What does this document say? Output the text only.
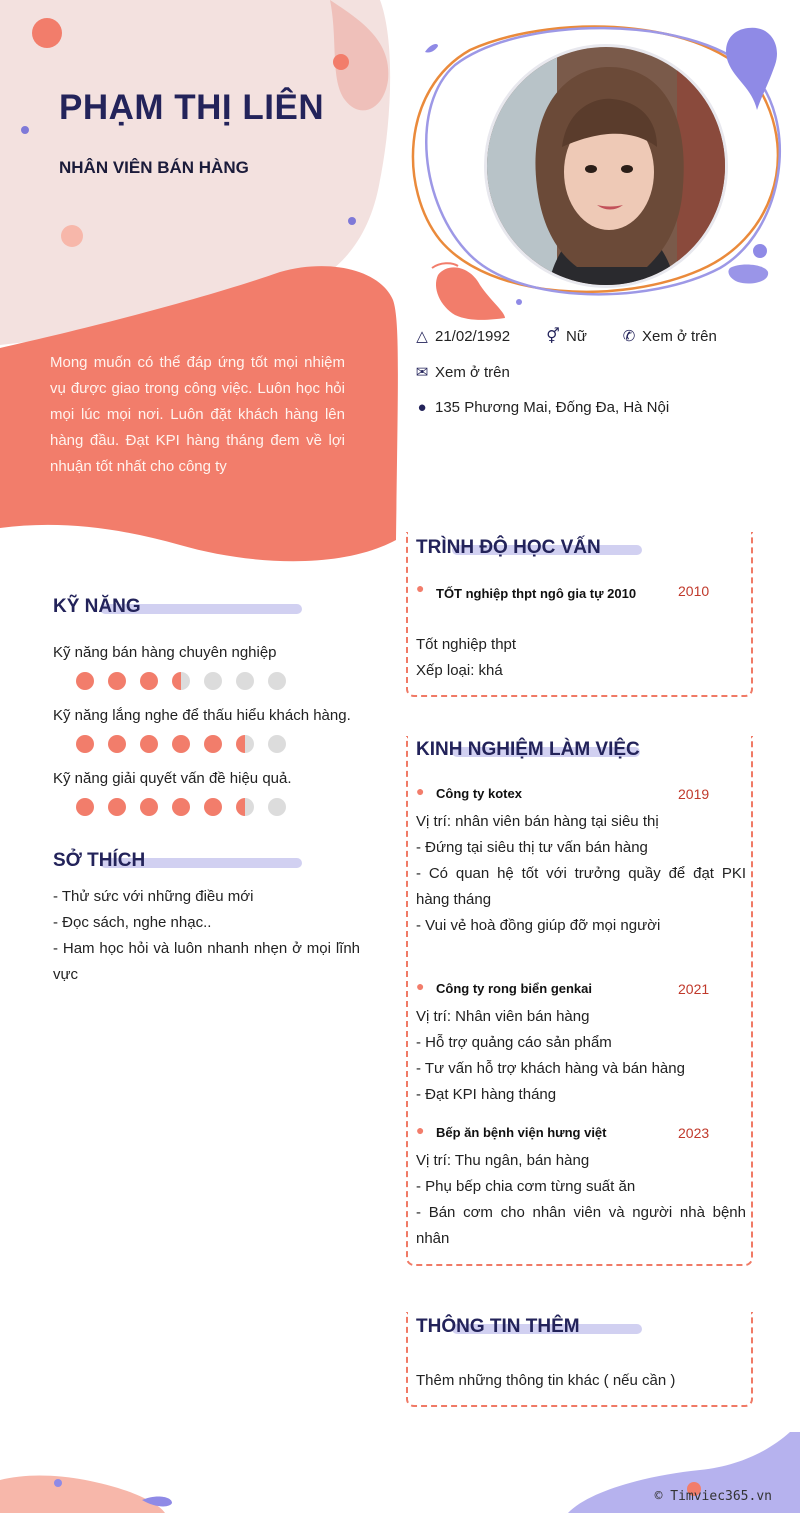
PHẠM THỊ LIÊN
NHÂN VIÊN BÁN HÀNG
Mong muốn có thể đáp ứng tốt mọi nhiệm vụ được giao trong công việc. Luôn học hỏi mọi lúc mọi nơi. Luôn đặt khách hàng lên hàng đầu. Đạt KPI hàng tháng đem về lợi nhuận tốt nhất cho công ty
△ 21/02/1992 ⚥ Nữ ✆ Xem ở trên
✉ Xem ở trên
● 135 Phương Mai, Đống Đa, Hà Nội
KỸ NĂNG
Kỹ năng bán hàng chuyên nghiệp
Kỹ năng lắng nghe để thấu hiểu khách hàng.
Kỹ năng giải quyết vấn đề hiệu quả.
SỞ THÍCH
- Thử sức với những điều mới
- Đọc sách, nghe nhạc..
- Ham học hỏi và luôn nhanh nhẹn ở mọi lĩnh vực
TRÌNH ĐỘ HỌC VẤN
● TỐT nghiệp thpt ngô gia tự 2010	2010
Tốt nghiệp thpt
Xếp loại: khá
KINH NGHIỆM LÀM VIỆC
● Công ty kotex	2019
Vị trí: nhân viên bán hàng tại siêu thị
- Đứng tại siêu thị tư vấn bán hàng
- Có quan hệ tốt với trưởng quầy để đạt PKI hàng tháng
- Vui vẻ hoà đồng giúp đỡ mọi người
● Công ty rong biển genkai	2021
Vị trí: Nhân viên bán hàng
- Hỗ trợ quảng cáo sản phẩm
- Tư vấn hỗ trợ khách hàng và bán hàng
- Đạt KPI hàng tháng
● Bếp ăn bệnh viện hưng việt	2023
Vị trí: Thu ngân, bán hàng
- Phụ bếp chia cơm từng suất ăn
- Bán cơm cho nhân viên và người nhà bệnh nhân
THÔNG TIN THÊM
Thêm những thông tin khác ( nếu cần )
© Timviec365.vn
